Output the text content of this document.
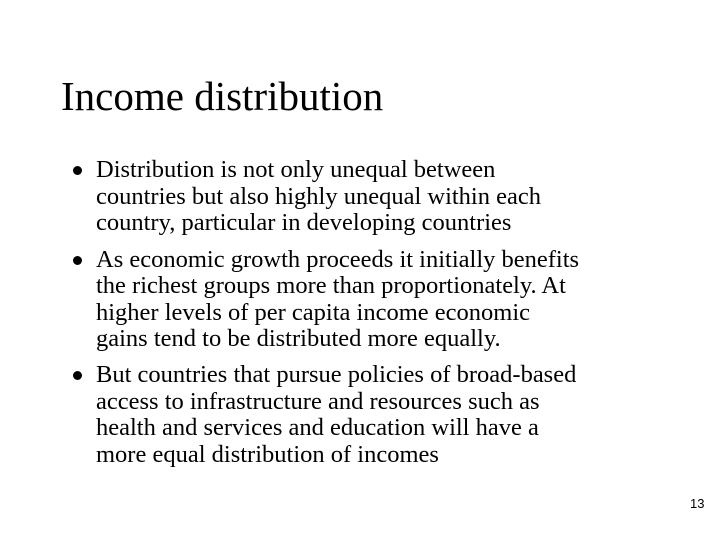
Income distribution
Distribution is not only unequal between
countries but also highly unequal within each
country, particular in developing countries
As economic growth proceeds it initially benefits
the richest groups more than proportionately. At
higher levels of per capita income economic
gains tend to be distributed more equally.
But countries that pursue policies of broad-based
access to infrastructure and resources such as
health and services and education will have a
more equal distribution of incomes
13
